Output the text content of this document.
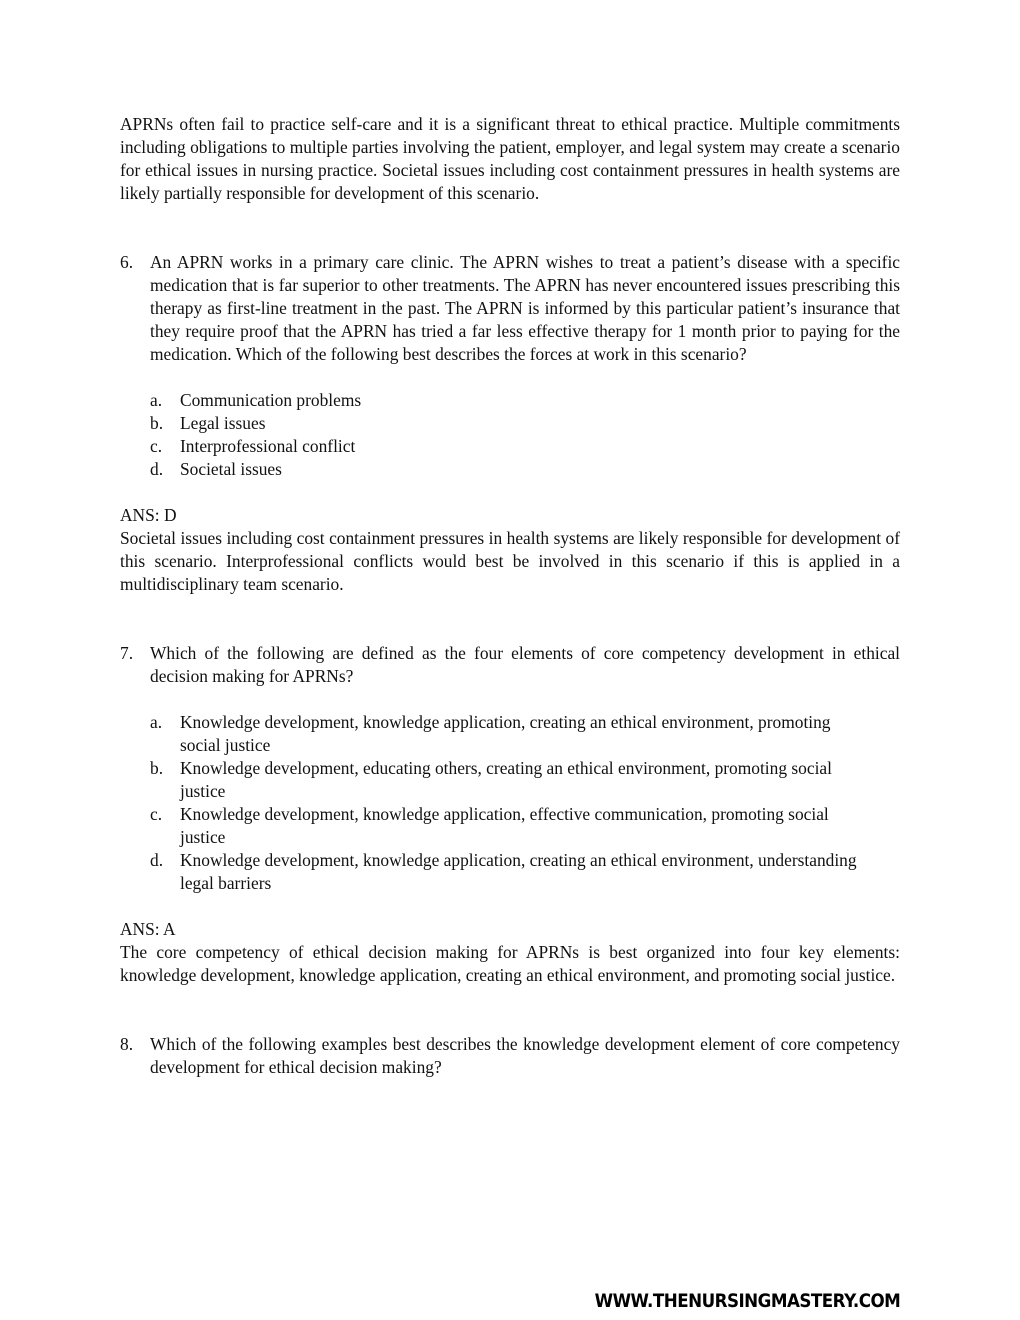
APRNs often fail to practice self-care and it is a significant threat to ethical practice. Multiple commitments including obligations to multiple parties involving the patient, employer, and legal system may create a scenario for ethical issues in nursing practice. Societal issues including cost containment pressures in health systems are likely partially responsible for development of this scenario.

6. An APRN works in a primary care clinic. The APRN wishes to treat a patient’s disease with a specific medication that is far superior to other treatments. The APRN has never encountered issues prescribing this therapy as first-line treatment in the past. The APRN is informed by this particular patient’s insurance that they require proof that the APRN has tried a far less effective therapy for 1 month prior to paying for the medication. Which of the following best describes the forces at work in this scenario?
a.	Communication problems
b. Legal issues
c.	Interprofessional conflict
d. Societal issues

ANS: D

Societal issues including cost containment pressures in health systems are likely responsible for development of this scenario. Interprofessional conflicts would best be involved in this scenario if this is applied in a multidisciplinary team scenario.

7. Which of the following are defined as the four elements of core competency development in ethical decision making for APRNs?
a.	Knowledge development, knowledge application, creating an ethical environment, promoting social justice
b. Knowledge development, educating others, creating an ethical environment, promoting social justice
c.	Knowledge development, knowledge application, effective communication, promoting social justice
d. Knowledge development, knowledge application, creating an ethical environment, understanding legal barriers

ANS: A

The core competency of ethical decision making for APRNs is best organized into four key elements: knowledge development, knowledge application, creating an ethical environment, and promoting social justice.

8. Which of the following examples best describes the knowledge development element of core competency development for ethical decision making?
WWW.THENURSINGMASTERY.COM
